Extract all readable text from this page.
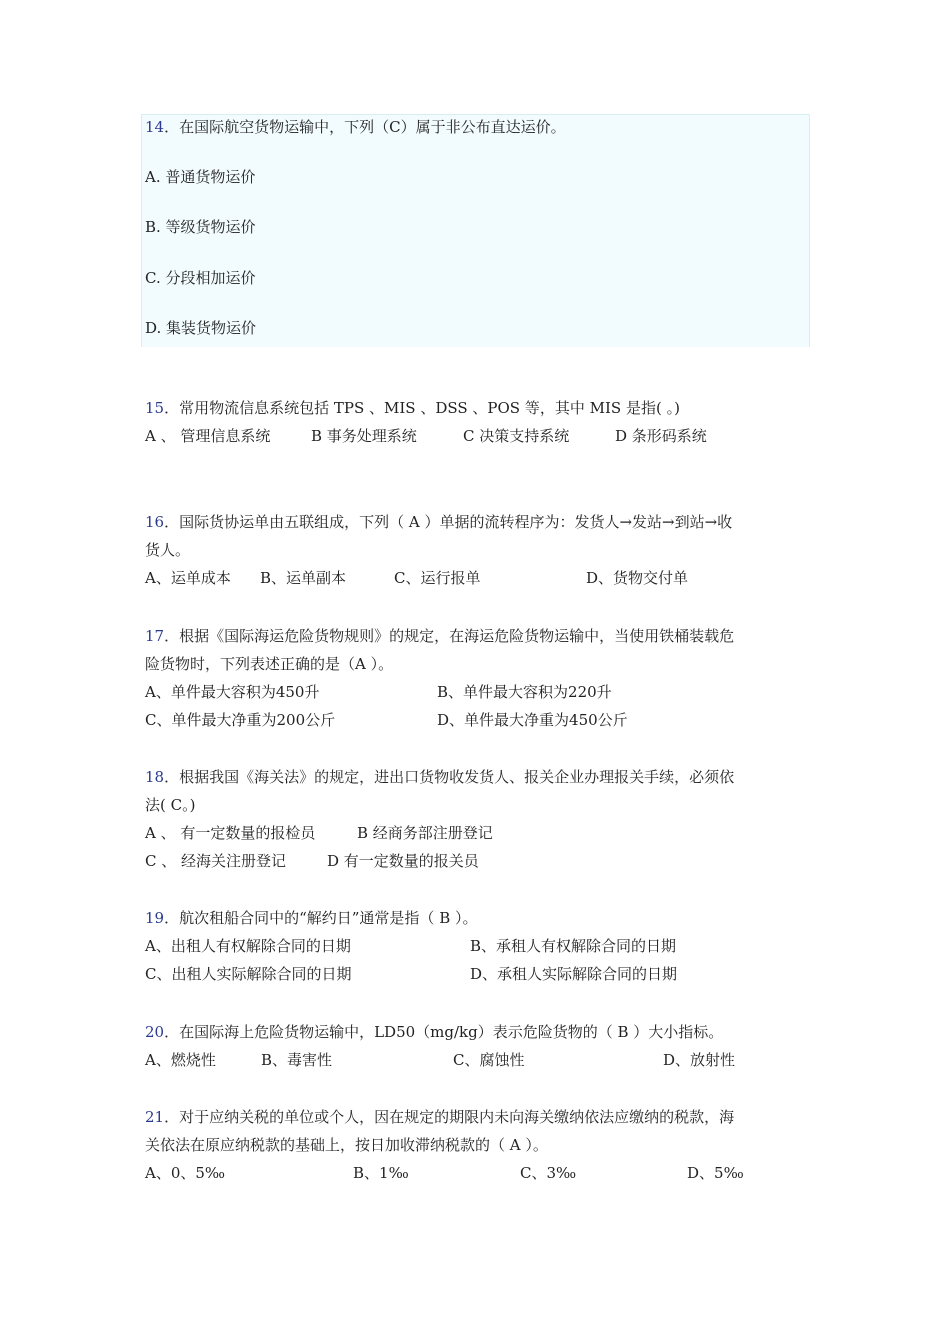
14．在国际航空货物运输中，下列（C）属于非公布直达运价。
A. 普通货物运价
B. 等级货物运价
C. 分段相加运价
D. 集装货物运价
15．常用物流信息系统包括 TPS 、MIS 、DSS 、POS 等，其中 MIS 是指( 。)
A 、 管理信息系统	B 事务处理系统	C 决策支持系统	D 条形码系统
16．国际货协运单由五联组成，下列（ A ）单据的流转程序为：发货人→发站→到站→收
货人。
A、运单成本 B、运单副本	C、运行报单	D、货物交付单
17．根据《国际海运危险货物规则》的规定，在海运危险货物运输中，当使用铁桶装载危
险货物时，下列表述正确的是（A ）。
A、单件最大容积为450升	B、单件最大容积为220升
C、单件最大净重为200公斤	D、单件最大净重为450公斤
18．根据我国《海关法》的规定，进出口货物收发货人、报关企业办理报关手续，必须依
法( C。)
A 、 有一定数量的报检员	B 经商务部注册登记
C 、 经海关注册登记	D 有一定数量的报关员
19．航次租船合同中的“解约日”通常是指（ B ）。
A、出租人有权解除合同的日期	B、承租人有权解除合同的日期
C、出租人实际解除合同的日期	D、承租人实际解除合同的日期
20．在国际海上危险货物运输中，LD50（mg/kg）表示危险货物的（ B ）大小指标。
A、燃烧性	B、毒害性	C、腐蚀性	D、放射性
21．对于应纳关税的单位或个人，因在规定的期限内未向海关缴纳依法应缴纳的税款，海
关依法在原应纳税款的基础上，按日加收滞纳税款的（ A ）。
A、0、5‰	B、1‰	C、3‰	D、5‰
